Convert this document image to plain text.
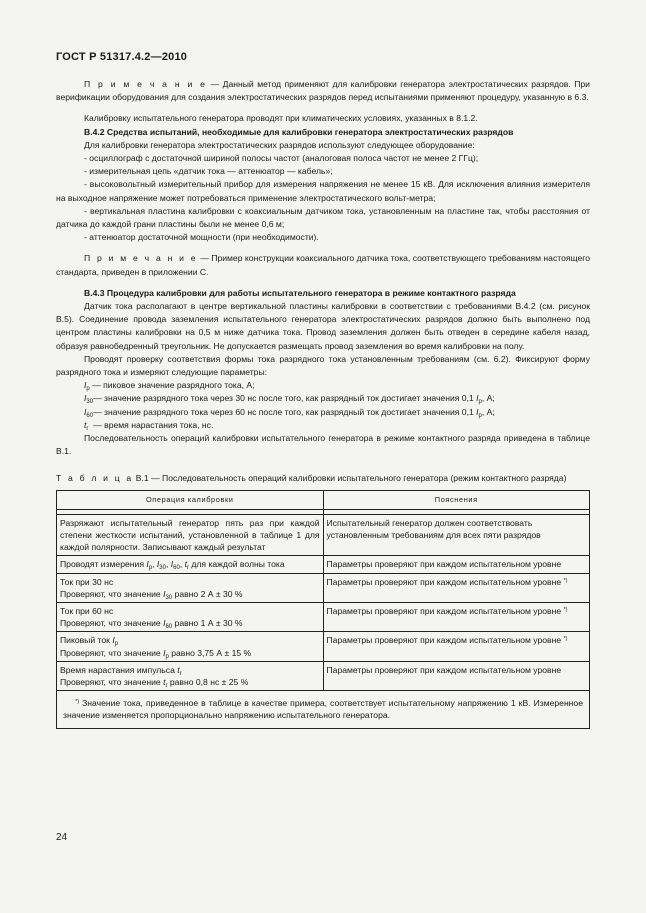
ГОСТ Р 51317.4.2—2010

П р и м е ч а н и е — Данный метод применяют для калибровки генератора электростатических разрядов. При верификации оборудования для создания электростатических разрядов перед испытаниями применяют процедуру, указанную в 6.3.

Калибровку испытательного генератора проводят при климатических условиях, указанных в 8.1.2.

В.4.2 Средства испытаний, необходимые для калибровки генератора электростатических разрядов

Для калибровки генератора электростатических разрядов используют следующее оборудование:

- осциллограф с достаточной шириной полосы частот (аналоговая полоса частот не менее 2 ГГц);

- измерительная цепь «датчик тока — аттенюатор — кабель»;

- высоковольтный измерительный прибор для измерения напряжения не менее 15 кВ. Для исключения влияния измерителя на выходное напряжение может потребоваться применение электростатического вольт-метра;

- вертикальная пластина калибровки с коаксиальным датчиком тока, установленным на пластине так, чтобы расстояния от датчика до каждой грани пластины были не менее 0,6 м;

- аттенюатор достаточной мощности (при необходимости).

П р и м е ч а н и е — Пример конструкции коаксиального датчика тока, соответствующего требованиям настоящего стандарта, приведен в приложении С.

В.4.3 Процедура калибровки для работы испытательного генератора в режиме контактного разряда

Датчик тока располагают в центре вертикальной пластины калибровки в соответствии с требованиями В.4.2 (см. рисунок В.5). Соединение провода заземления испытательного генератора электростатических разрядов должно быть выполнено под центром пластины калибровки на 0,5 м ниже датчика тока. Провод заземления должен быть отведен в середине кабеля назад, образуя равнобедренный треугольник. Не допускается размещать провод заземления во время калибровки на полу.

Проводят проверку соответствия формы тока разрядного тока установленным требованиям (см. 6.2). Фиксируют форму разрядного тока и измеряют следующие параметры:

$I_p$ — пиковое значение разрядного тока, А;

$I_{30}—$ значение разрядного тока через 30 нс после того, как разрядный ток достигает значения 0,1 $I_p$, А;

$I_{60}—$ значение разрядного тока через 60 нс после того, как разрядный ток достигает значения 0,1 $I_p$, А;

$t_r$ — время нарастания тока, нс.

Последовательность операций калибровки испытательного генератора в режиме контактного разряда приведена в таблице В.1.

Т а б л и ц а В.1 — Последовательность операций калибровки испытательного генератора (режим контактного разряда)

Операция калибровки	Пояснения

Разряжают испытательный генератор пять раз при каждой степени жесткости испытаний, установленной в таблице 1 для каждой полярности. Записывают каждый результат	Испытательный генератор должен соответствовать установленным требованиям для всех пяти разрядов
Проводят измерения $I_p$, $I_{30}$, $I_{60}$, $t_r$ для каждой волны тока	Параметры проверяют при каждом испытательном уровне
Ток при 30 нс
Проверяют, что значение $I_{30}$ равно 2 А ± 30 %	Параметры проверяют при каждом испытательном уровне *)
Ток при 60 нс
Проверяют, что значение $I_{60}$ равно 1 А ± 30 %	Параметры проверяют при каждом испытательном уровне *)
Пиковый ток $I_p$
Проверяют, что значение $I_p$ равно 3,75 А ± 15 %	Параметры проверяют при каждом испытательном уровне *)
Время нарастания импульса $t_r$
Проверяют, что значение $t_r$ равно 0,8 нс ± 25 %	Параметры проверяют при каждом испытательном уровне
*) Значение тока, приведенное в таблице в качестве примера, соответствует испытательному напряжению 1 кВ. Измеренное значение изменяется пропорционально напряжению испытательного генератора.	
24
